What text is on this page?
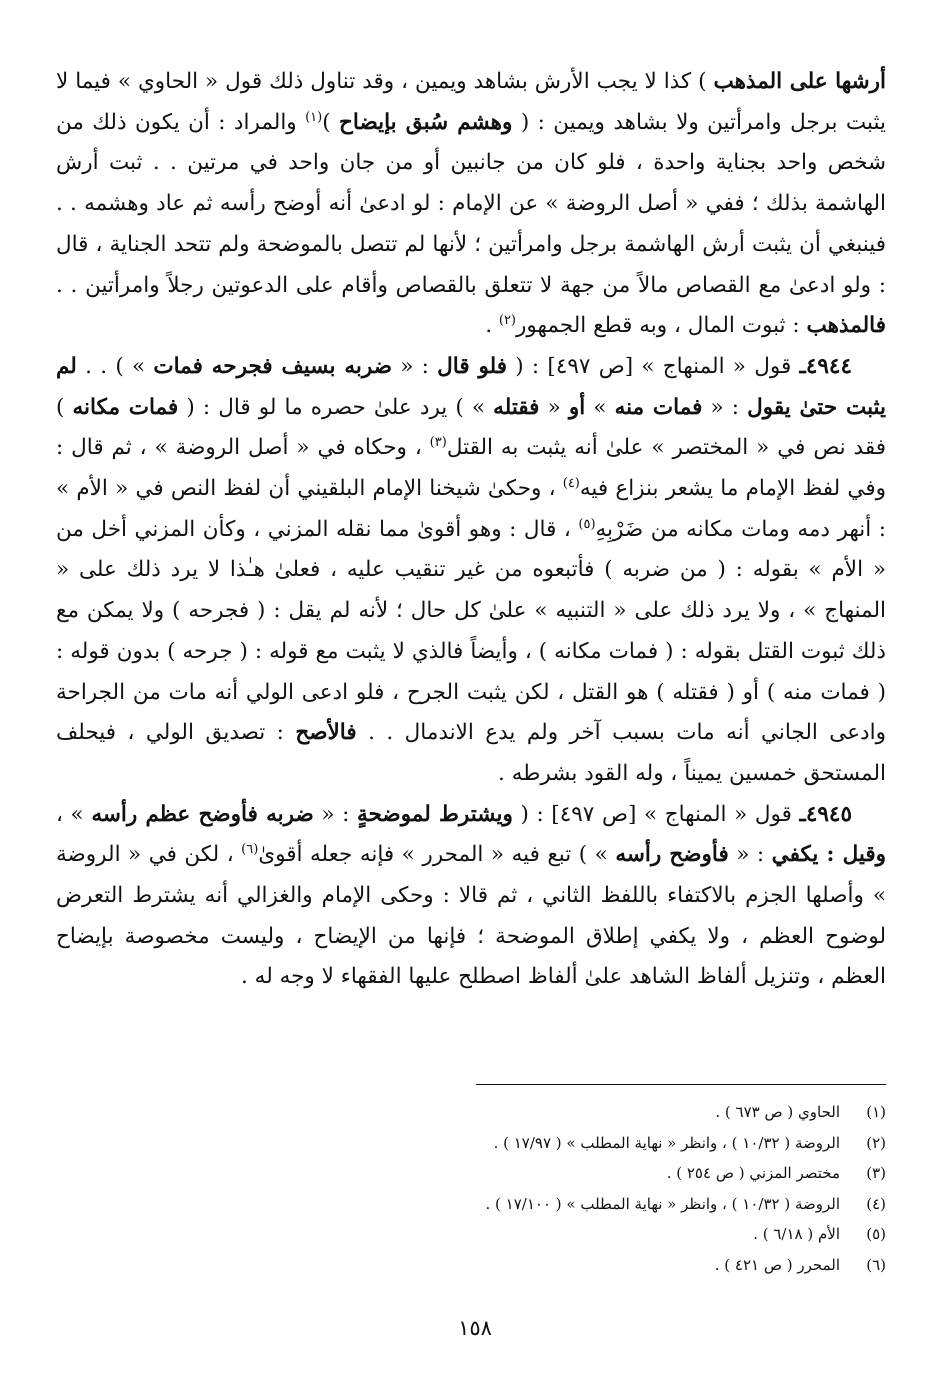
أرشها على المذهب ) كذا لا يجب الأرش بشاهد ويمين ، وقد تناول ذلك قول « الحاوي » فيما لا يثبت برجل وامرأتين ولا بشاهد ويمين : ( وهشم سُبق بإيضاح )$^{(١)}$ والمراد : أن يكون ذلك من شخص واحد بجناية واحدة ، فلو كان من جانبين أو من جان واحد في مرتين . . ثبت أرش الهاشمة بذلك ؛ ففي « أصل الروضة » عن الإمام : لو ادعىٰ أنه أوضح رأسه ثم عاد وهشمه . . فينبغي أن يثبت أرش الهاشمة برجل وامرأتين ؛ لأنها لم تتصل بالموضحة ولم تتحد الجناية ، قال : ولو ادعىٰ مع القصاص مالاً من جهة لا تتعلق بالقصاص وأقام على الدعوتين رجلاً وامرأتين . . فالمذهب : ثبوت المال ، وبه قطع الجمهور$^{(٢)}$ .

٤٩٤٤ـ قول « المنهاج » [ص ٤٩٧] : ( فلو قال : « ضربه بسيف فجرحه فمات » ) . . لم يثبت حتىٰ يقول : « فمات منه » أو « فقتله » ) يرد علىٰ حصره ما لو قال : ( فمات مكانه ) فقد نص في « المختصر » علىٰ أنه يثبت به القتل$^{(٣)}$ ، وحكاه في « أصل الروضة » ، ثم قال : وفي لفظ الإمام ما يشعر بنزاع فيه$^{(٤)}$ ، وحكىٰ شيخنا الإمام البلقيني أن لفظ النص في « الأم » : أنهر دمه ومات مكانه من ضَرْبِهِ$^{(٥)}$ ، قال : وهو أقوىٰ مما نقله المزني ، وكأن المزني أخل من « الأم » بقوله : ( من ضربه ) فأتبعوه من غير تنقيب عليه ، فعلىٰ هـٰذا لا يرد ذلك على « المنهاج » ، ولا يرد ذلك على « التنبيه » علىٰ كل حال ؛ لأنه لم يقل : ( فجرحه ) ولا يمكن مع ذلك ثبوت القتل بقوله : ( فمات مكانه ) ، وأيضاً فالذي لا يثبت مع قوله : ( جرحه ) بدون قوله : ( فمات منه ) أو ( فقتله ) هو القتل ، لكن يثبت الجرح ، فلو ادعى الولي أنه مات من الجراحة وادعى الجاني أنه مات بسبب آخر ولم يدع الاندمال . . فالأصح : تصديق الولي ، فيحلف المستحق خمسين يميناً ، وله القود بشرطه .

٤٩٤٥ـ قول « المنهاج » [ص ٤٩٧] : ( ويشترط لموضحةٍ : « ضربه فأوضح عظم رأسه » ، وقيل : يكفي : « فأوضح رأسه » ) تبع فيه « المحرر » فإنه جعله أقوىٰ$^{(٦)}$ ، لكن في « الروضة » وأصلها الجزم بالاكتفاء باللفظ الثاني ، ثم قالا : وحكى الإمام والغزالي أنه يشترط التعرض لوضوح العظم ، ولا يكفي إطلاق الموضحة ؛ فإنها من الإيضاح ، وليست مخصوصة بإيضاح العظم ، وتنزيل ألفاظ الشاهد علىٰ ألفاظ اصطلح عليها الفقهاء لا وجه له .

(١)
الحاوي ( ص ٦٧٣ ) .
(٢)
الروضة ( ١٠/٣٢ ) ، وانظر « نهاية المطلب » ( ١٧/٩٧ ) .
(٣)
مختصر المزني ( ص ٢٥٤ ) .
(٤)
الروضة ( ١٠/٣٢ ) ، وانظر « نهاية المطلب » ( ١٧/١٠٠ ) .
(٥)
الأم ( ٦/١٨ ) .
(٦)
المحرر ( ص ٤٢١ ) .
١٥٨
